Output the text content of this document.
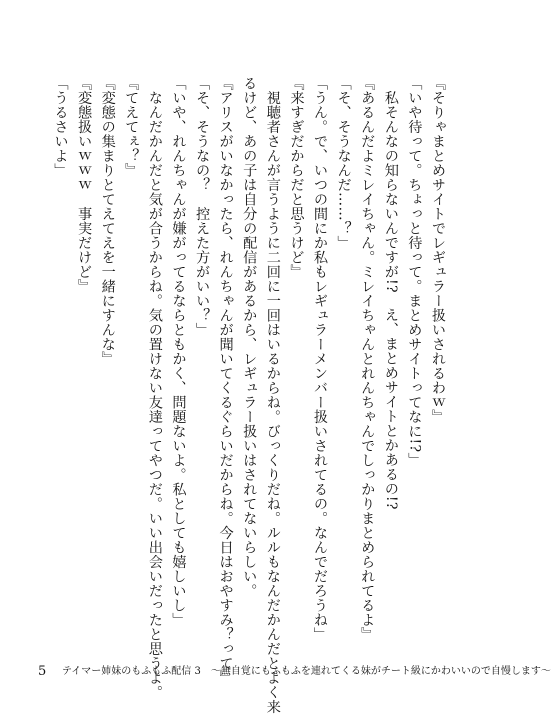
『そりゃまとめサイトでレギュラー扱いされるわｗ』
「いや待って。ちょっと待って。まとめサイトってなに!?」
　私そんなの知らないんですが!?　え、まとめサイトとかあるの!?
『あるんだよミレイちゃん。ミレイちゃんとれんちゃんでしっかりまとめられてるよ』
「そ、そうなんだ……？」
「うん。で、いつの間にか私もレギュラーメンバー扱いされてるの。なんでだろうね」
『来すぎだからだと思うけど』
　視聴者さんが言うように二回に一回はいるからね。びっくりだね。ルルもなんだかんだとよく来
るけど、あの子は自分の配信があるから、レギュラー扱いはされてないらしい。
『アリスがいなかったら、れんちゃんが聞いてくるぐらいだからね。今日はおやすみ？って』
「そ、そうなの？　控えた方がいい？」
「いや、れんちゃんが嫌がってるならともかく、問題ないよ。私としても嬉しいし」
　なんだかんだと気が合うからね。気の置けない友達ってやつだ。いい出会いだったと思うよ。
『てえてぇ？』
『変態の集まりとてえてえを一緒にすんな』
『変態扱いｗｗｗ　事実だけど』
「うるさいよ」
5 テイマー姉妹のもふもふ配信 3　～無自覚にもふもふを連れてくる妹がチート級にかわいいので自慢します～
